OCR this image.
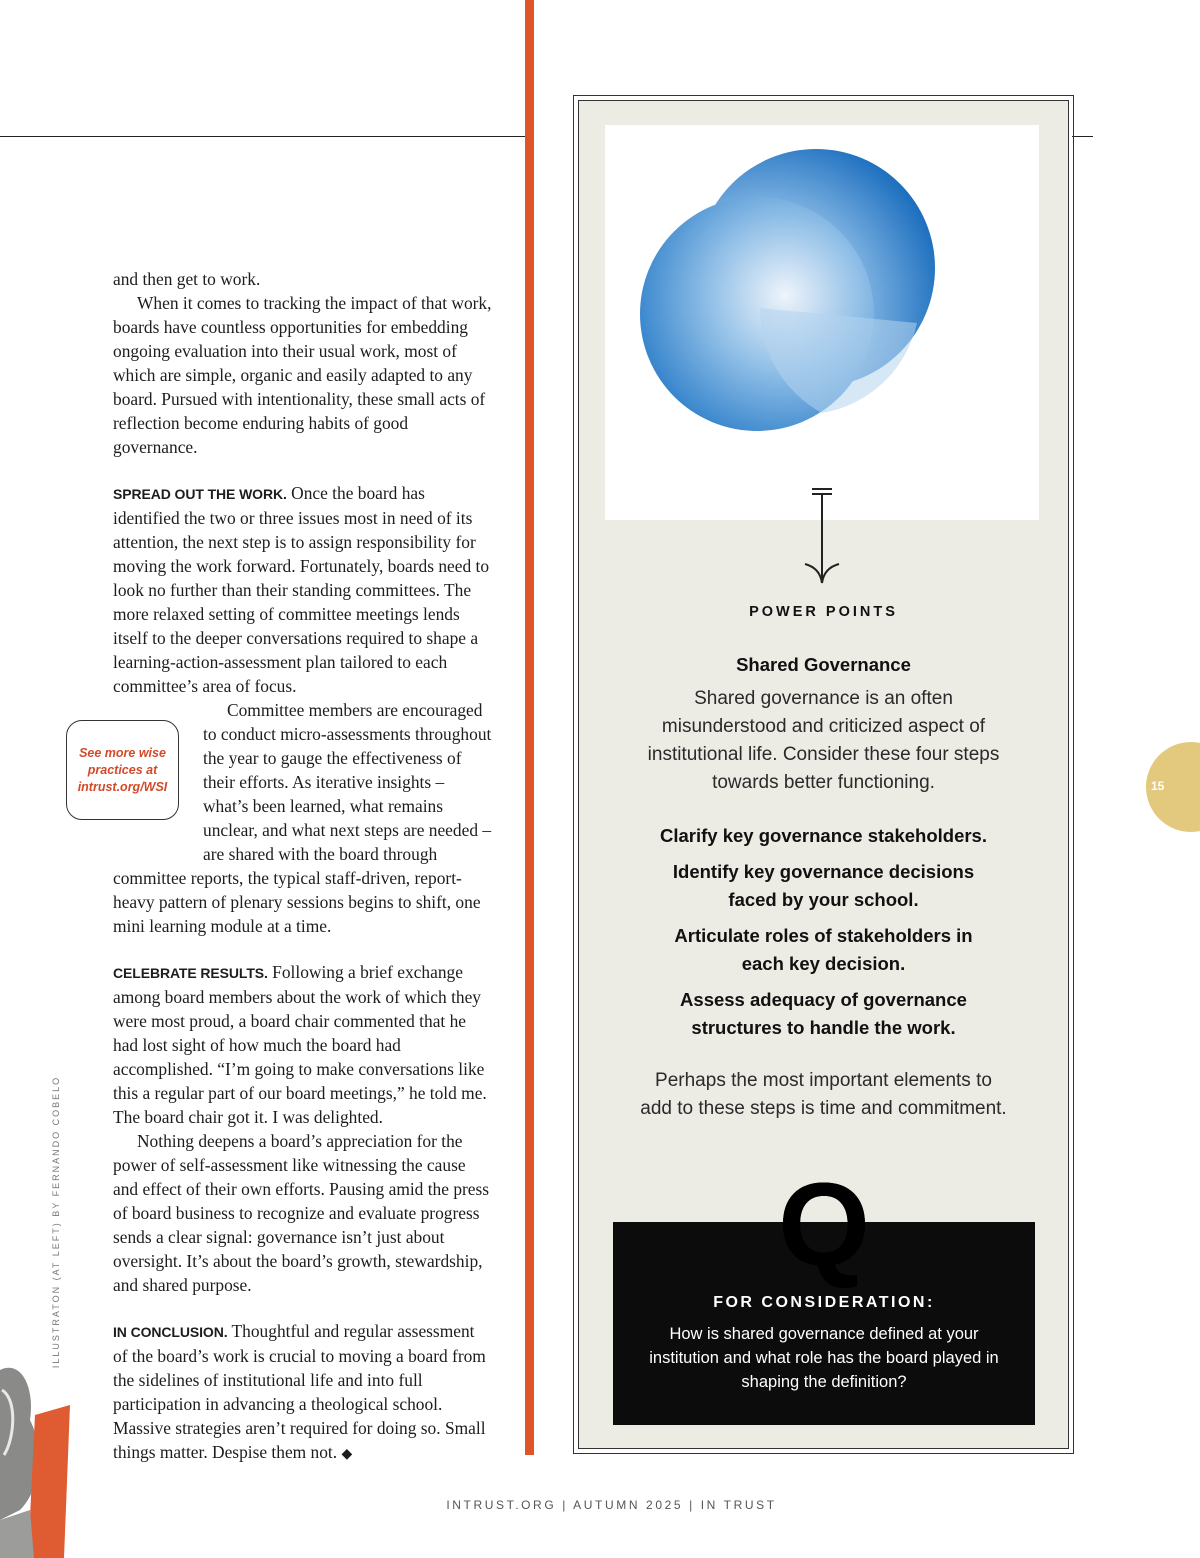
and then get to work.

When it comes to tracking the impact of that work, boards have countless opportunities for embedding ongoing evaluation into their usual work, most of which are simple, organic and easily adapted to any board. Pursued with intentionality, these small acts of reflection become enduring habits of good governance.

SPREAD OUT THE WORK. Once the board has identified the two or three issues most in need of its attention, the next step is to assign responsibility for moving the work forward. Fortunately, boards need to look no further than their standing committees. The more relaxed setting of committee meetings lends itself to the deeper conversations required to shape a learning-action-assessment plan tailored to each committee’s area of focus.

Committee members are encouraged to conduct micro-assessments throughout the year to gauge the effectiveness of their efforts. As iterative insights – what’s been learned, what remains unclear, and what next steps are needed – are shared with the board through committee reports, the typical staff-driven, report-heavy pattern of plenary sessions begins to shift, one mini learning module at a time.

CELEBRATE RESULTS. Following a brief exchange among board members about the work of which they were most proud, a board chair commented that he had lost sight of how much the board had accomplished. “I’m going to make conversations like this a regular part of our board meetings,” he told me. The board chair got it. I was delighted.

Nothing deepens a board’s appreciation for the power of self-assessment like witnessing the cause and effect of their own efforts. Pausing amid the press of board business to recognize and evaluate progress sends a clear signal: governance isn’t just about oversight. It’s about the board’s growth, stewardship, and shared purpose.

IN CONCLUSION. Thoughtful and regular assessment of the board’s work is crucial to moving a board from the sidelines of institutional life and into full participation in advancing a theological school. Massive strategies aren’t required for doing so. Small things matter. Despise them not. ◆

See more wise practices at intrust.org/WSI
ILLUSTRATON (AT LEFT) BY FERNANDO COBELO
POWER POINTS
Shared Governance

Shared governance is an often misunderstood and criticized aspect of institutional life. Consider these four steps towards better functioning.

Clarify key governance stakeholders.

Identify key governance decisions faced by your school.

Articulate roles of stakeholders in each key decision.

Assess adequacy of governance structures to handle the work.

Perhaps the most important elements to add to these steps is time and commitment.

Q
FOR CONSIDERATION:

How is shared governance defined at your institution and what role has the board played in shaping the definition?

15
INTRUST.ORG | AUTUMN 2025 | IN TRUST
